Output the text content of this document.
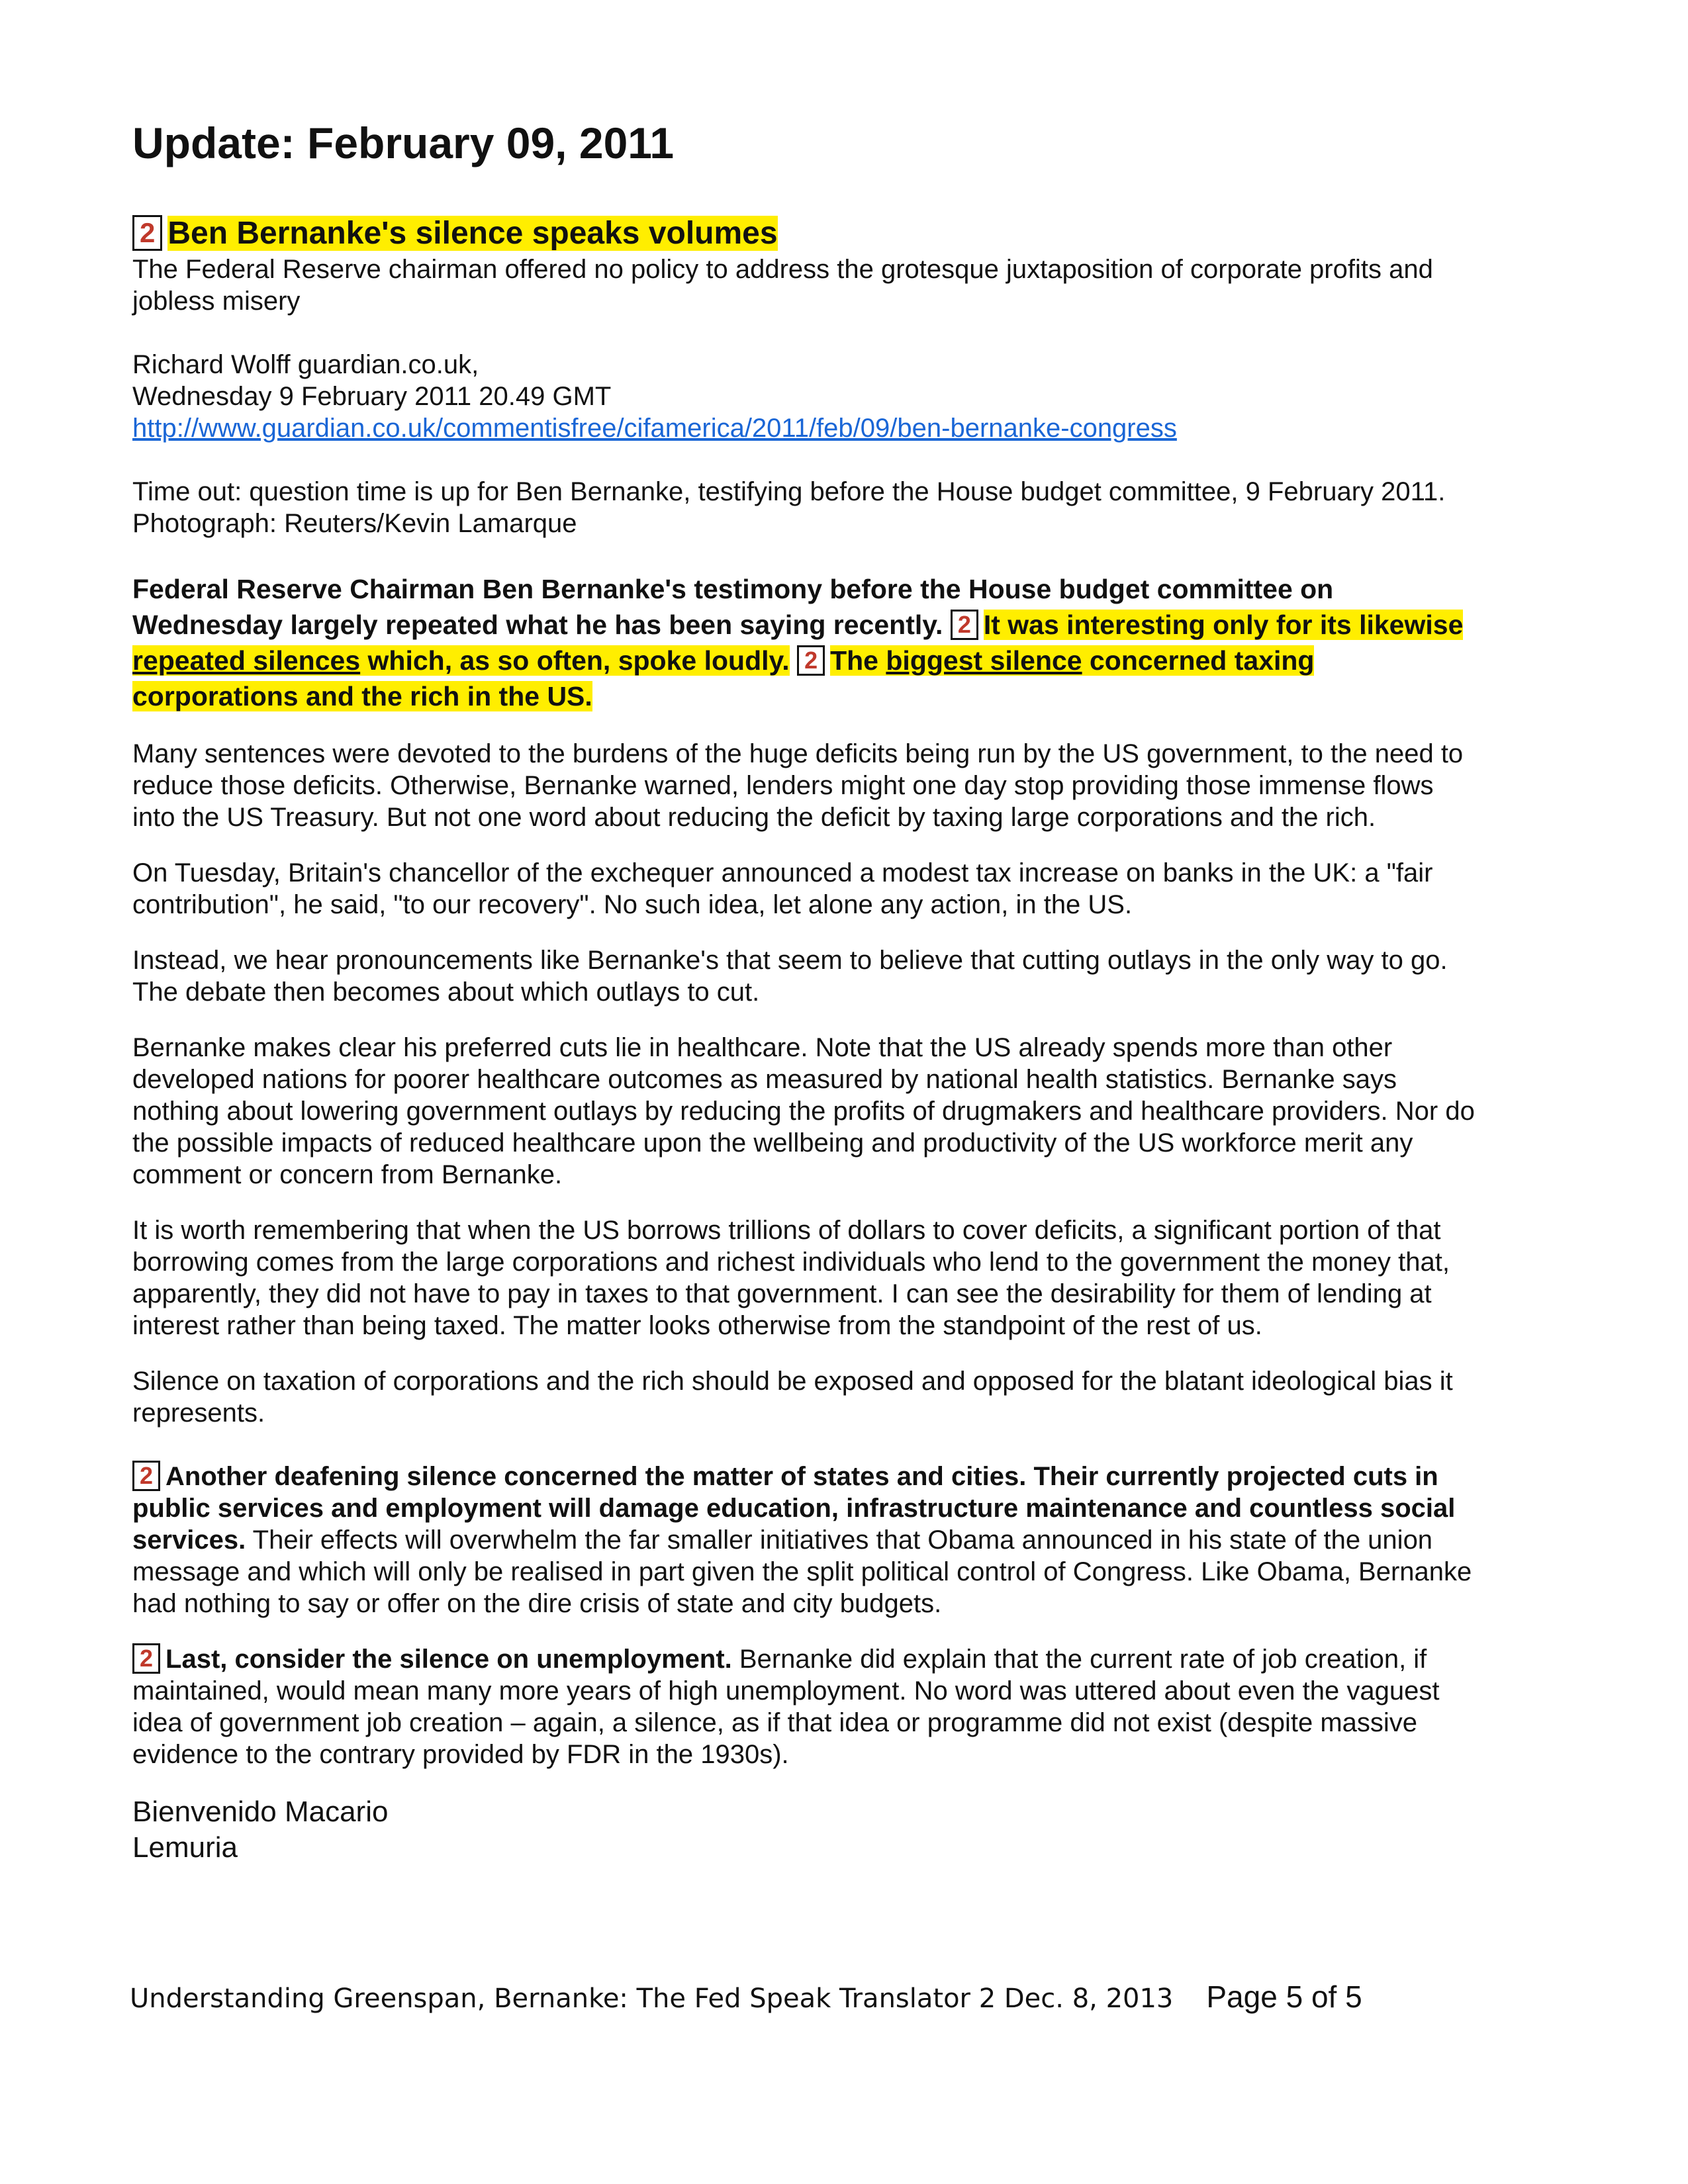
Update: February 09, 2011

2 Ben Bernanke's silence speaks volumes

The Federal Reserve chairman offered no policy to address the grotesque juxtaposition of corporate profits and jobless misery

Richard Wolff guardian.co.uk,

Wednesday 9 February 2011 20.49 GMT

http://www.guardian.co.uk/commentisfree/cifamerica/2011/feb/09/ben-bernanke-congress

Time out: question time is up for Ben Bernanke, testifying before the House budget committee, 9 February 2011. Photograph: Reuters/Kevin Lamarque

Federal Reserve Chairman Ben Bernanke's testimony before the House budget committee on Wednesday largely repeated what he has been saying recently. 2 It was interesting only for its likewise repeated silences which, as so often, spoke loudly. 2 The biggest silence concerned taxing corporations and the rich in the US.

Many sentences were devoted to the burdens of the huge deficits being run by the US government, to the need to reduce those deficits. Otherwise, Bernanke warned, lenders might one day stop providing those immense flows into the US Treasury. But not one word about reducing the deficit by taxing large corporations and the rich.

On Tuesday, Britain's chancellor of the exchequer announced a modest tax increase on banks in the UK: a "fair contribution", he said, "to our recovery". No such idea, let alone any action, in the US.

Instead, we hear pronouncements like Bernanke's that seem to believe that cutting outlays in the only way to go. The debate then becomes about which outlays to cut.

Bernanke makes clear his preferred cuts lie in healthcare. Note that the US already spends more than other developed nations for poorer healthcare outcomes as measured by national health statistics. Bernanke says nothing about lowering government outlays by reducing the profits of drugmakers and healthcare providers. Nor do the possible impacts of reduced healthcare upon the wellbeing and productivity of the US workforce merit any comment or concern from Bernanke.

It is worth remembering that when the US borrows trillions of dollars to cover deficits, a significant portion of that borrowing comes from the large corporations and richest individuals who lend to the government the money that, apparently, they did not have to pay in taxes to that government. I can see the desirability for them of lending at interest rather than being taxed. The matter looks otherwise from the standpoint of the rest of us.

Silence on taxation of corporations and the rich should be exposed and opposed for the blatant ideological bias it represents.

2 Another deafening silence concerned the matter of states and cities. Their currently projected cuts in public services and employment will damage education, infrastructure maintenance and countless social services. Their effects will overwhelm the far smaller initiatives that Obama announced in his state of the union message and which will only be realised in part given the split political control of Congress. Like Obama, Bernanke had nothing to say or offer on the dire crisis of state and city budgets.

2 Last, consider the silence on unemployment. Bernanke did explain that the current rate of job creation, if maintained, would mean many more years of high unemployment. No word was uttered about even the vaguest idea of government job creation – again, a silence, as if that idea or programme did not exist (despite massive evidence to the contrary provided by FDR in the 1930s).

Bienvenido Macario

Lemuria

Understanding Greenspan, Bernanke: The Fed Speak Translator 2 Dec. 8, 2013 Page 5 of 5
